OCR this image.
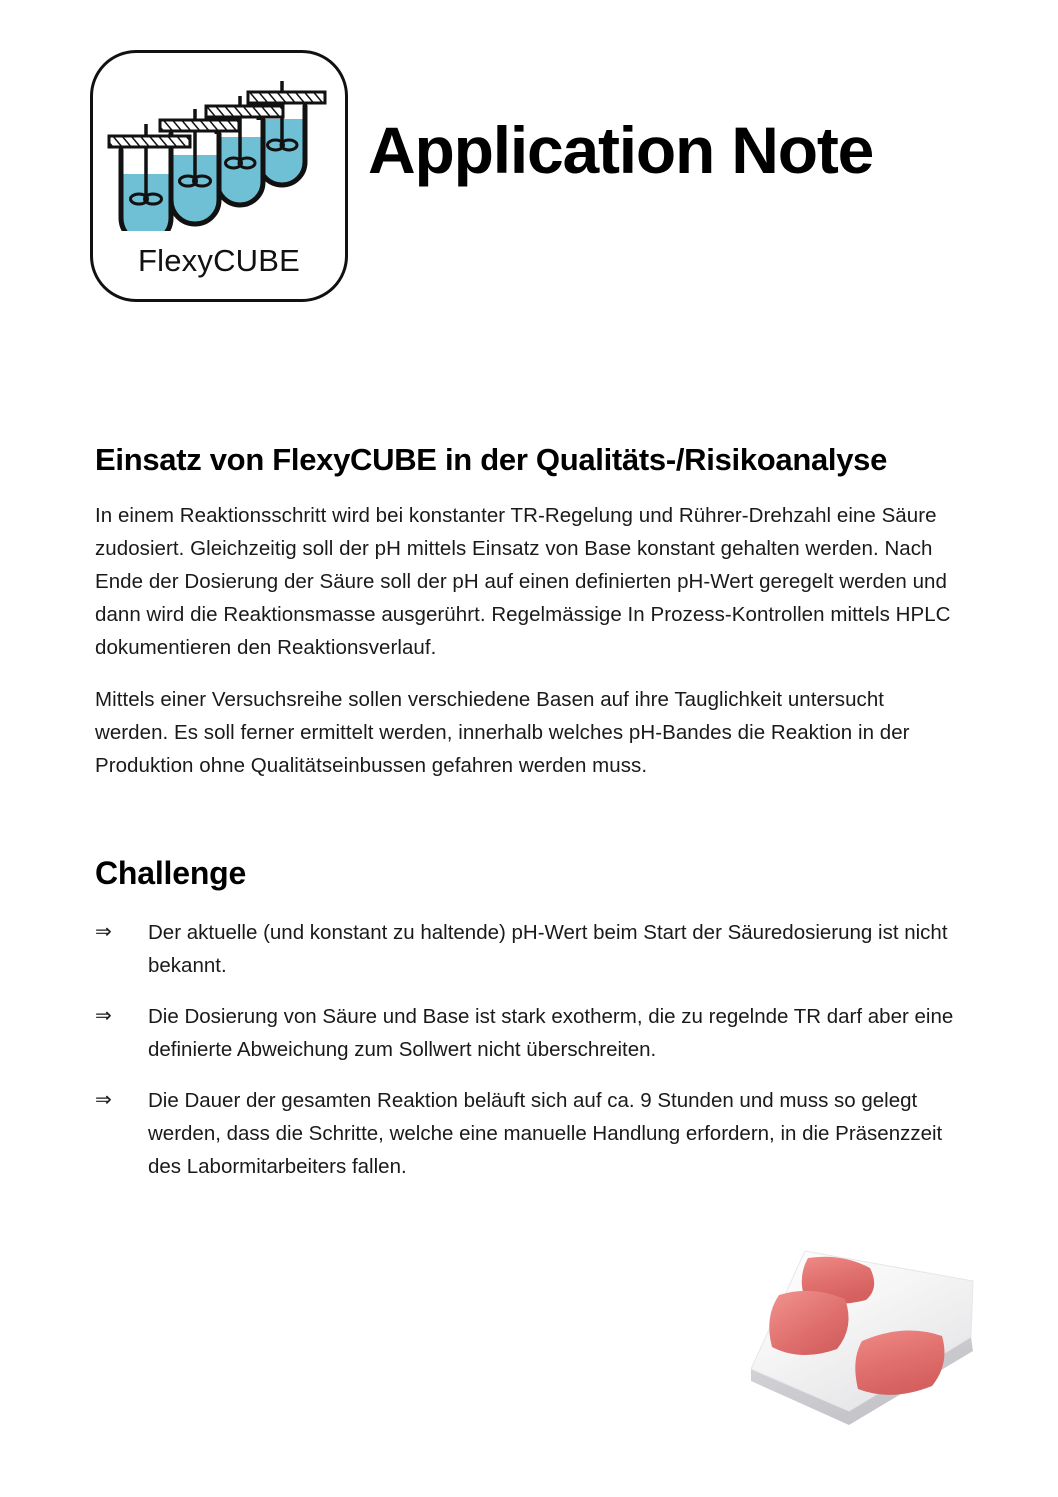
FlexyCUBE
Application Note
Einsatz von FlexyCUBE in der Qualitäts-/Risikoanalyse

In einem Reaktionsschritt wird bei konstanter TR-Regelung und Rührer-Drehzahl eine Säure zudosiert. Gleichzeitig soll der pH mittels Einsatz von Base konstant gehalten werden. Nach Ende der Dosierung der Säure soll der pH auf einen definierten pH-Wert geregelt werden und dann wird die Reaktionsmasse ausgerührt. Regelmässige In Prozess-Kontrollen mittels HPLC dokumentieren den Reaktionsverlauf.

Mittels einer Versuchsreihe sollen verschiedene Basen auf ihre Tauglichkeit untersucht werden. Es soll ferner ermittelt werden, innerhalb welches pH-Bandes die Reaktion in der Produktion ohne Qualitätseinbussen gefahren werden muss.

Challenge
⇒ Der aktuelle (und konstant zu haltende) pH-Wert beim Start der Säuredosierung ist nicht bekannt.
⇒ Die Dosierung von Säure und Base ist stark exotherm, die zu regelnde TR darf aber eine definierte Abweichung zum Sollwert nicht überschreiten.
⇒ Die Dauer der gesamten Reaktion beläuft sich auf ca. 9 Stunden und muss so gelegt werden, dass die Schritte, welche eine manuelle Handlung erfordern, in die Präsenzzeit des Labormitarbeiters fallen.
